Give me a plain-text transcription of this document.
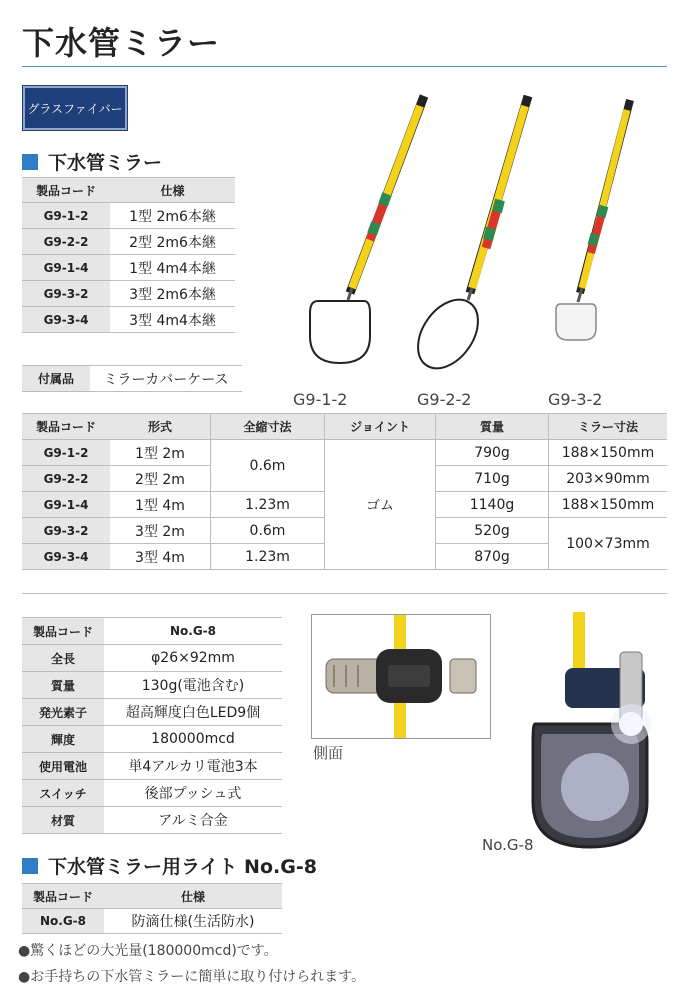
下水管ミラー
グラスファイバー
下水管ミラー
製品コード	仕様
G9-1-2	1型 2m6本継
G9-2-2	2型 2m6本継
G9-1-4	1型 4m4本継
G9-3-2	3型 2m6本継
G9-3-4	3型 4m4本継
G9-1-2	G9-2-2	G9-3-2
付属品	ミラーカバーケース
製品コード	形式	全縮寸法	ジョイント	質量	ミラー寸法
G9-1-2	1型 2m	0.6m	ゴム	790g	188×150mm
G9-2-2	2型 2m			710g	203×90mm
G9-1-4	1型 4m	1.23m		1140g	188×150mm
G9-3-2	3型 2m	0.6m		520g	100×73mm
G9-3-4	3型 4m	1.23m		870g	
製品コード	No.G-8
全長	φ26×92mm
質量	130g(電池含む)
発光素子	超高輝度白色LED9個
輝度	180000mcd
使用電池	単4アルカリ電池3本
スイッチ	後部プッシュ式
材質	アルミ合金
側面
No.G-8
下水管ミラー用ライト No.G-8
製品コード	仕様
No.G-8	防滴仕様(生活防水)
●驚くほどの大光量(180000mcd)です。
●お手持ちの下水管ミラーに簡単に取り付けられます。
